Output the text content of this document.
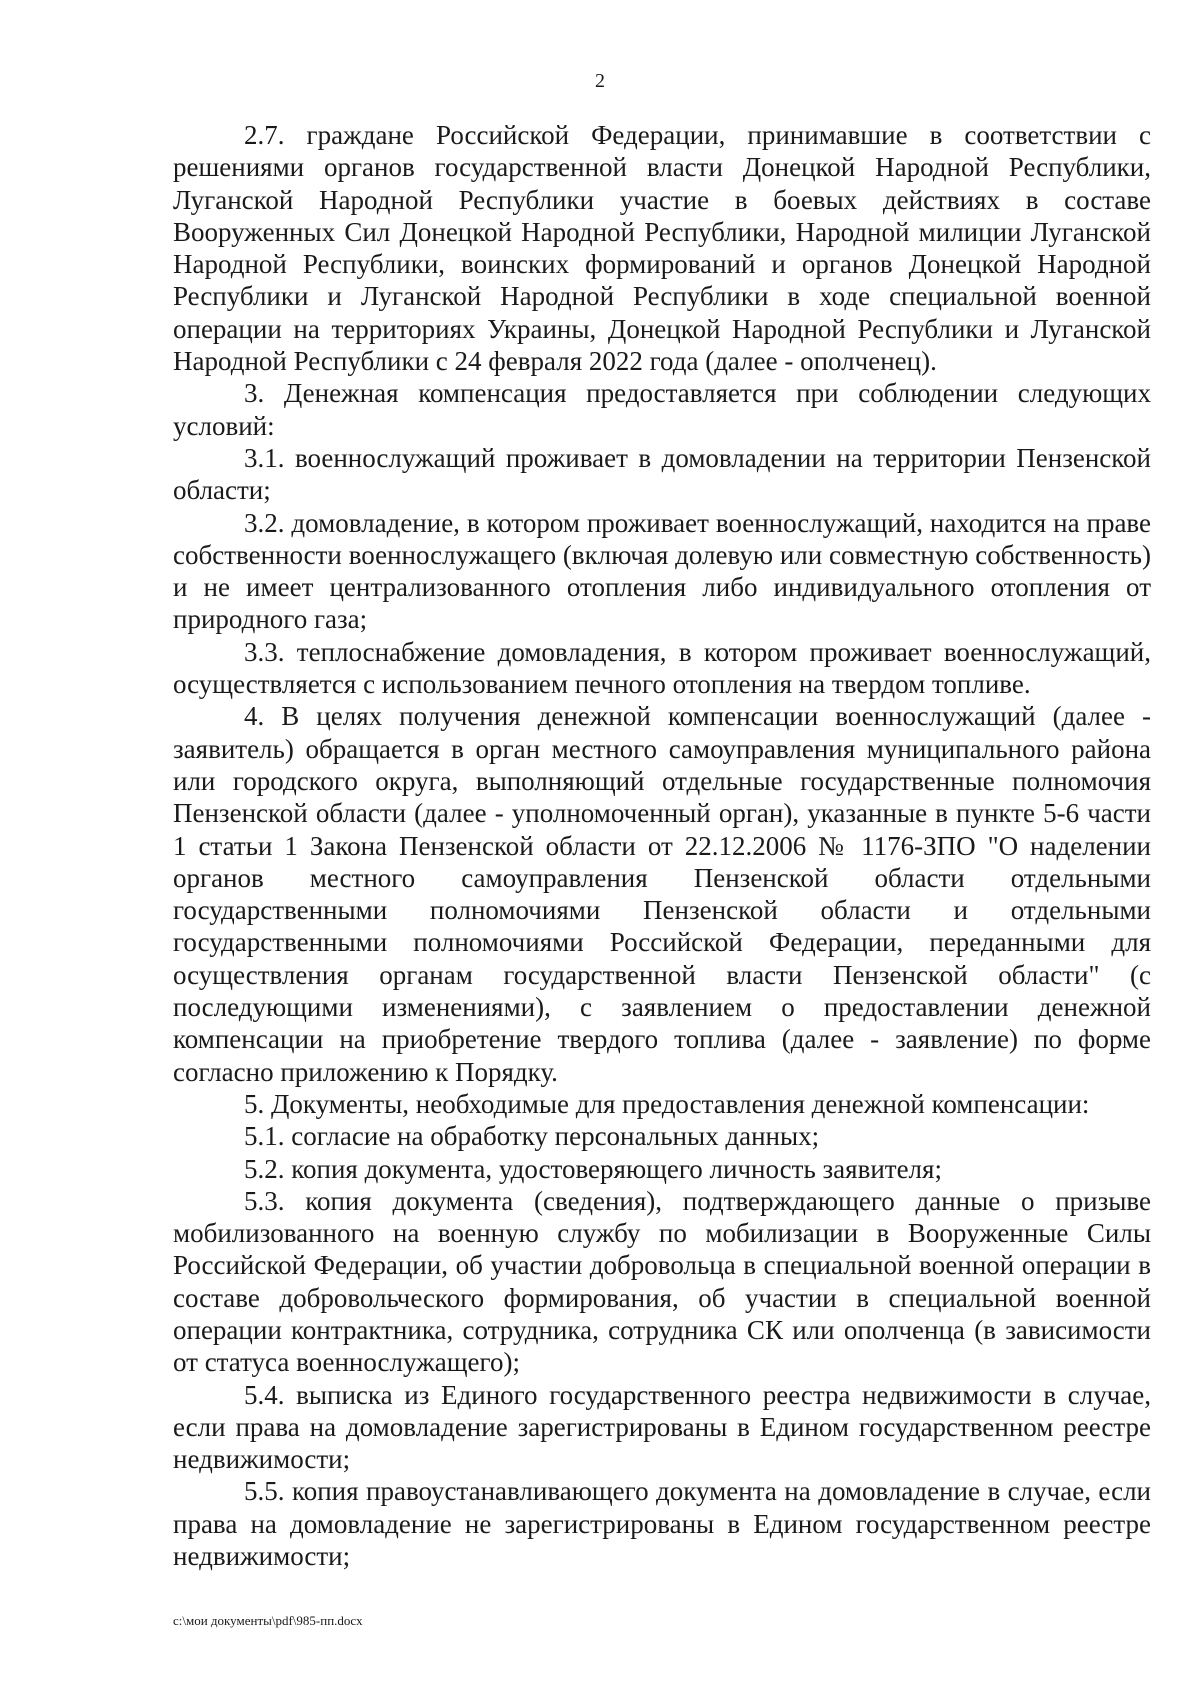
2

2.7. граждане Российской Федерации, принимавшие в соответствии с решениями органов государственной власти Донецкой Народной Республики, Луганской Народной Республики участие в боевых действиях в составе Вооруженных Сил Донецкой Народной Республики, Народной милиции Луганской Народной Республики, воинских формирований и органов Донецкой Народной Республики и Луганской Народной Республики в ходе специальной военной операции на территориях Украины, Донецкой Народной Республики и Луганской Народной Республики с 24 февраля 2022 года (далее - ополченец).

3. Денежная компенсация предоставляется при соблюдении следующих условий:

3.1. военнослужащий проживает в домовладении на территории Пензенской области;

3.2. домовладение, в котором проживает военнослужащий, находится на праве собственности военнослужащего (включая долевую или совместную собственность) и не имеет централизованного отопления либо индивидуального отопления от природного газа;

3.3. теплоснабжение домовладения, в котором проживает военнослужащий, осуществляется с использованием печного отопления на твердом топливе.

4. В целях получения денежной компенсации военнослужащий (далее - заявитель) обращается в орган местного самоуправления муниципального района или городского округа, выполняющий отдельные государственные полномочия Пензенской области (далее - уполномоченный орган), указанные в пункте 5-6 части 1 статьи 1 Закона Пензенской области от 22.12.2006 № 1176-ЗПО "О наделении органов местного самоуправления Пензенской области отдельными государственными полномочиями Пензенской области и отдельными государственными полномочиями Российской Федерации, переданными для осуществления органам государственной власти Пензенской области" (с последующими изменениями), с заявлением о предоставлении денежной компенсации на приобретение твердого топлива (далее - заявление) по форме согласно приложению к Порядку.

5. Документы, необходимые для предоставления денежной компенсации:

5.1. согласие на обработку персональных данных;

5.2. копия документа, удостоверяющего личность заявителя;

5.3. копия документа (сведения), подтверждающего данные о призыве мобилизованного на военную службу по мобилизации в Вооруженные Силы Российской Федерации, об участии добровольца в специальной военной операции в составе добровольческого формирования, об участии в специальной военной операции контрактника, сотрудника, сотрудника СК или ополченца (в зависимости от статуса военнослужащего);

5.4. выписка из Единого государственного реестра недвижимости в случае, если права на домовладение зарегистрированы в Едином государственном реестре недвижимости;

5.5. копия правоустанавливающего документа на домовладение в случае, если права на домовладение не зарегистрированы в Едином государственном реестре недвижимости;

c:\мои документы\pdf\985-пп.docx
